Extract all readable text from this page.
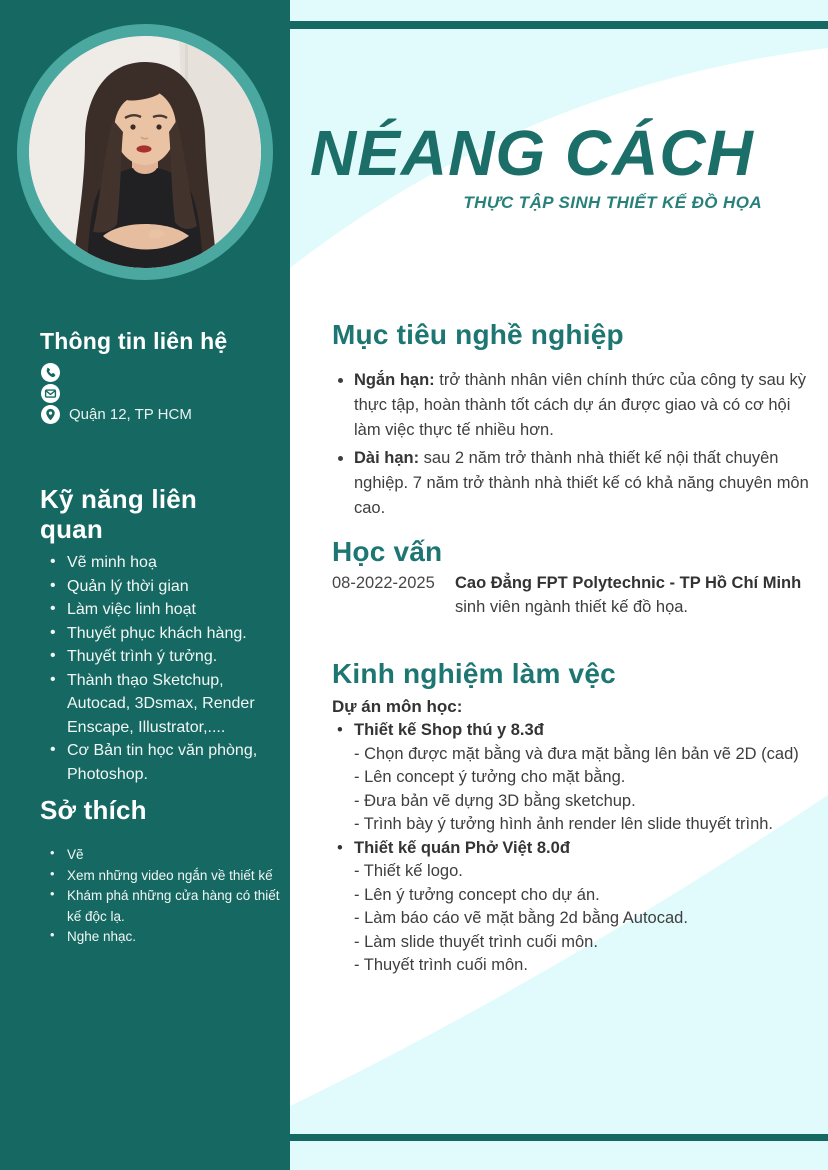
Thông tin liên hệ
Quận 12, TP HCM
Kỹ năng liên quan
• Vẽ minh hoạ
• Quản lý thời gian
• Làm việc linh hoạt
• Thuyết phục khách hàng.
• Thuyết trình ý tưởng.
• Thành thạo Sketchup, Autocad, 3Dsmax, Render Enscape, Illustrator,....
• Cơ Bản tin học văn phòng, Photoshop.
Sở thích
• Vẽ
• Xem những video ngắn về thiết kế
• Khám phá những cửa hàng có thiết kế độc lạ.
• Nghe nhạc.
NÉANG CÁCH
THỰC TẬP SINH THIẾT KẾ ĐỒ HỌA
Mục tiêu nghề nghiệp
• Ngắn hạn: trở thành nhân viên chính thức của công ty sau kỳ thực tập, hoàn thành tốt cách dự án được giao và có cơ hội làm việc thực tế nhiều hơn.
• Dài hạn: sau 2 năm trở thành nhà thiết kế nội thất chuyên nghiệp. 7 năm trở thành nhà thiết kế có khả năng chuyên môn cao.
Học vấn
08-2022-2025	Cao Đẳng FPT Polytechnic - TP Hồ Chí Minh
sinh viên ngành thiết kế đồ họa.
Kinh nghiệm làm vệc
Dự án môn học:
• Thiết kế Shop thú y 8.3đ
- Chọn được mặt bằng và đưa mặt bằng lên bản vẽ 2D (cad)
- Lên concept ý tưởng cho mặt bằng.
- Đưa bản vẽ dựng 3D bằng sketchup.
- Trình bày ý tưởng hình ảnh render lên slide thuyết trình.
• Thiết kế quán Phở Việt 8.0đ
- Thiết kế logo.
- Lên ý tưởng concept cho dự án.
- Làm báo cáo vẽ mặt bằng 2d bằng Autocad.
- Làm slide thuyết trình cuối môn.
- Thuyết trình cuối môn.
